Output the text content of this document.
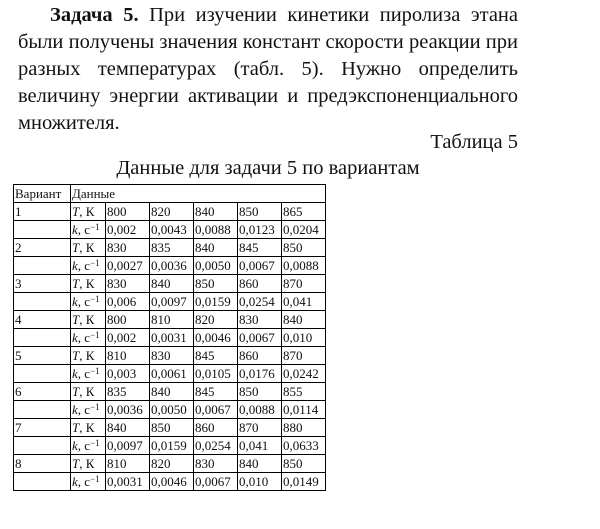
Задача 5. При изучении кинетики пиролиза этана были получены значения констант скорости реакции при разных температурах (табл. 5). Нужно определить величину энергии активации и предэкспоненциального множителя.

Таблица 5

Данные для задачи 5 по вариантам

Вариант	Данные					
1	T, К	800	820	840	850	865
	k, $с^{-1}$	0,002	0,0043	0,0088	0,0123	0,0204
2	T, К	830	835	840	845	850
	k, $с^{-1}$	0,0027	0,0036	0,0050	0,0067	0,0088
3	T, К	830	840	850	860	870
	k, $с^{-1}$	0,006	0,0097	0,0159	0,0254	0,041
4	T, К	800	810	820	830	840
	k, $с^{-1}$	0,002	0,0031	0,0046	0,0067	0,010
5	T, К	810	830	845	860	870
	k, $с^{-1}$	0,003	0,0061	0,0105	0,0176	0,0242
6	T, К	835	840	845	850	855
	k, $с^{-1}$	0,0036	0,0050	0,0067	0,0088	0,0114
7	T, К	840	850	860	870	880
	k, $с^{-1}$	0,0097	0,0159	0,0254	0,041	0,0633
8	T, К	810	820	830	840	850
	k, $с^{-1}$	0,0031	0,0046	0,0067	0,010	0,0149
